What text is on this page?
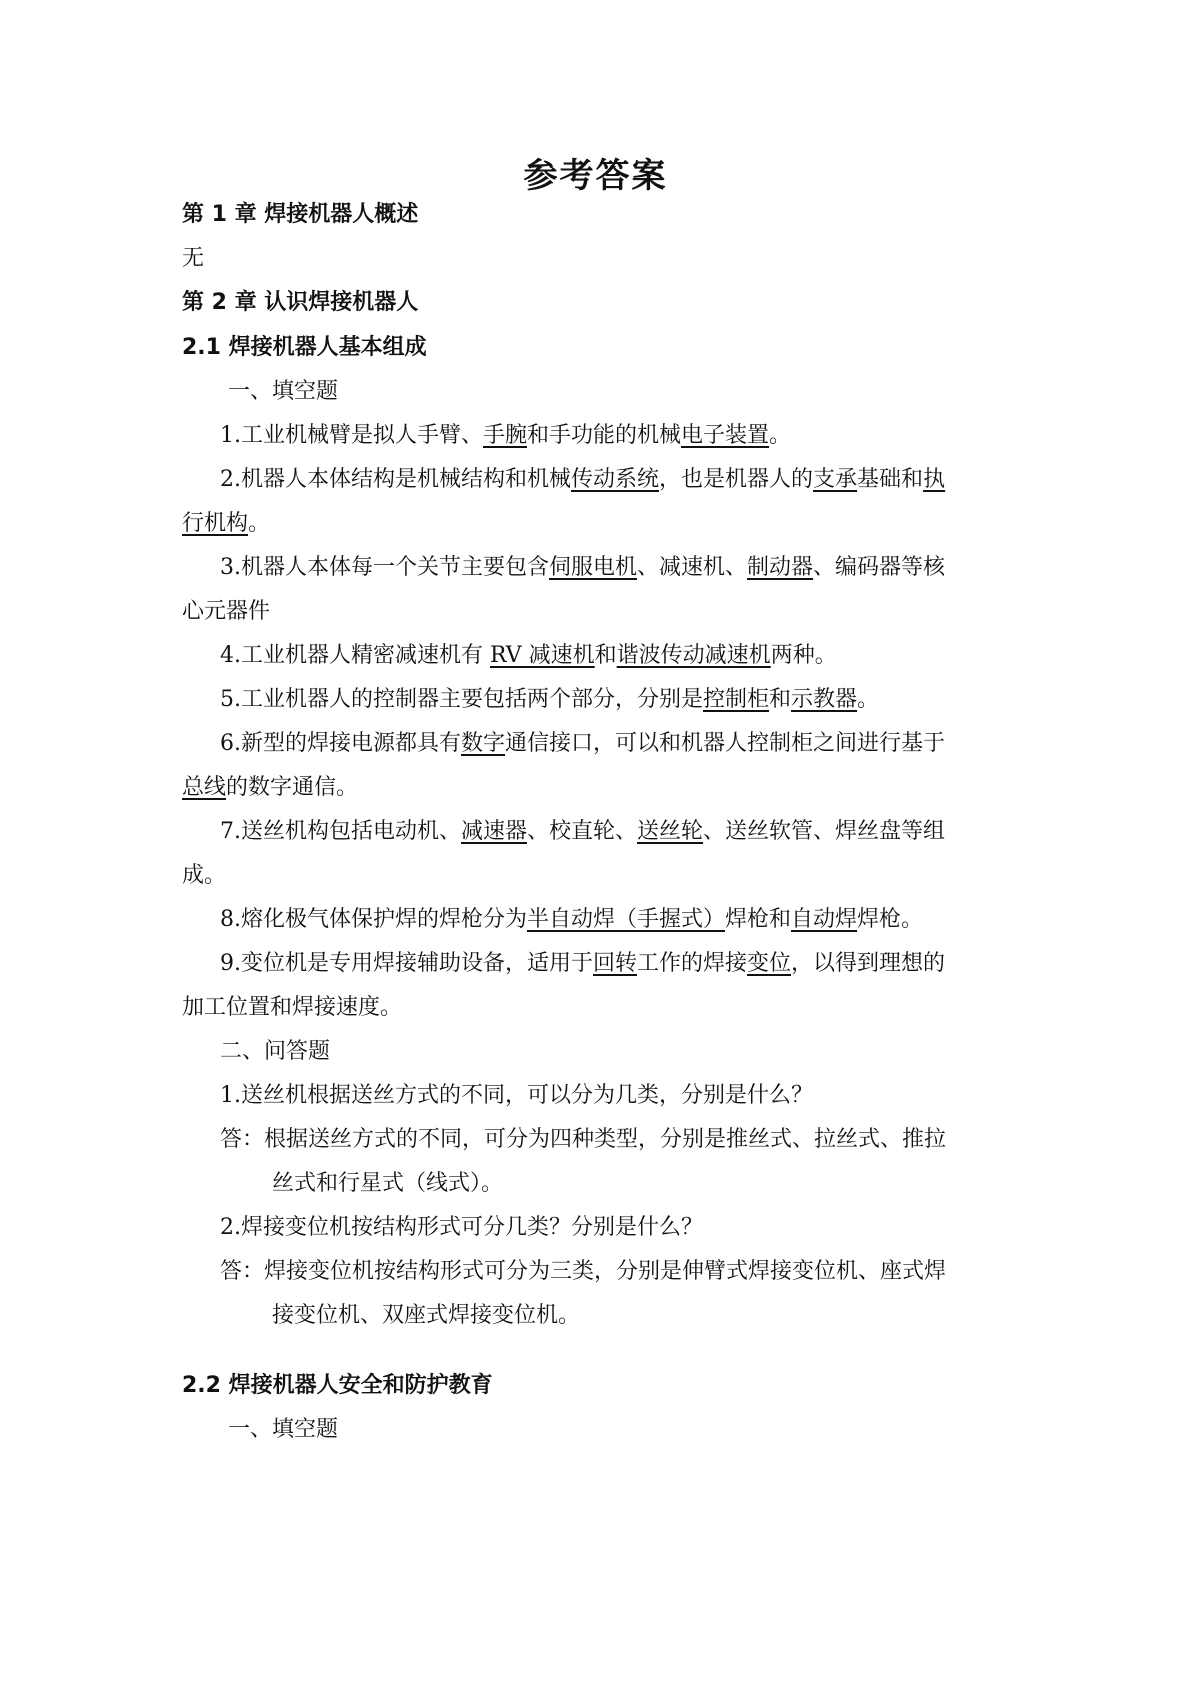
参考答案
第 1 章 焊接机器人概述
无
第 2 章 认识焊接机器人
2.1 焊接机器人基本组成
一、填空题
1.工业机械臂是拟人手臂、手腕和手功能的机械电子装置。
2.机器人本体结构是机械结构和机械传动系统，也是机器人的支承基础和执
行机构。
3.机器人本体每一个关节主要包含伺服电机、减速机、制动器、编码器等核
心元器件
4.工业机器人精密减速机有 RV 减速机和谐波传动减速机两种。
5.工业机器人的控制器主要包括两个部分，分别是控制柜和示教器。
6.新型的焊接电源都具有数字通信接口，可以和机器人控制柜之间进行基于
总线的数字通信。
7.送丝机构包括电动机、减速器、校直轮、送丝轮、送丝软管、焊丝盘等组
成。
8.熔化极气体保护焊的焊枪分为半自动焊（手握式）焊枪和自动焊焊枪。
9.变位机是专用焊接辅助设备，适用于回转工作的焊接变位，以得到理想的
加工位置和焊接速度。
二、问答题
1.送丝机根据送丝方式的不同，可以分为几类，分别是什么？
答：根据送丝方式的不同，可分为四种类型，分别是推丝式、拉丝式、推拉
丝式和行星式（线式）。
2.焊接变位机按结构形式可分几类？分别是什么？
答：焊接变位机按结构形式可分为三类，分别是伸臂式焊接变位机、座式焊
接变位机、双座式焊接变位机。
2.2 焊接机器人安全和防护教育
一、填空题
